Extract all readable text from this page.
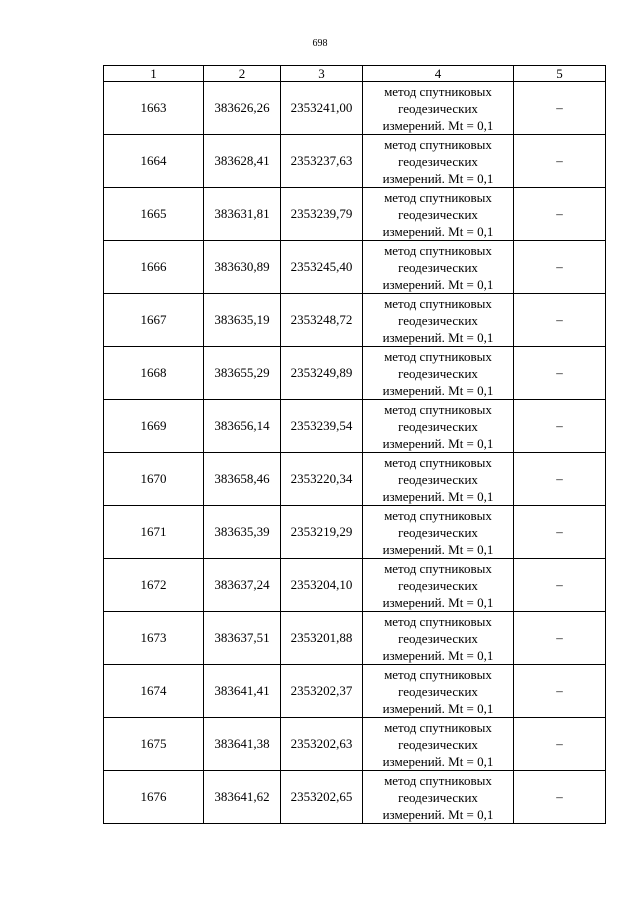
698
1	2	3	4	5
1663	383626,26	2353241,00	метод спутниковых
геодезических
измерений. Mt = 0,1	–
1664	383628,41	2353237,63	метод спутниковых
геодезических
измерений. Mt = 0,1	–
1665	383631,81	2353239,79	метод спутниковых
геодезических
измерений. Mt = 0,1	–
1666	383630,89	2353245,40	метод спутниковых
геодезических
измерений. Mt = 0,1	–
1667	383635,19	2353248,72	метод спутниковых
геодезических
измерений. Mt = 0,1	–
1668	383655,29	2353249,89	метод спутниковых
геодезических
измерений. Mt = 0,1	–
1669	383656,14	2353239,54	метод спутниковых
геодезических
измерений. Mt = 0,1	–
1670	383658,46	2353220,34	метод спутниковых
геодезических
измерений. Mt = 0,1	–
1671	383635,39	2353219,29	метод спутниковых
геодезических
измерений. Mt = 0,1	–
1672	383637,24	2353204,10	метод спутниковых
геодезических
измерений. Mt = 0,1	–
1673	383637,51	2353201,88	метод спутниковых
геодезических
измерений. Mt = 0,1	–
1674	383641,41	2353202,37	метод спутниковых
геодезических
измерений. Mt = 0,1	–
1675	383641,38	2353202,63	метод спутниковых
геодезических
измерений. Mt = 0,1	–
1676	383641,62	2353202,65	метод спутниковых
геодезических
измерений. Mt = 0,1	–
